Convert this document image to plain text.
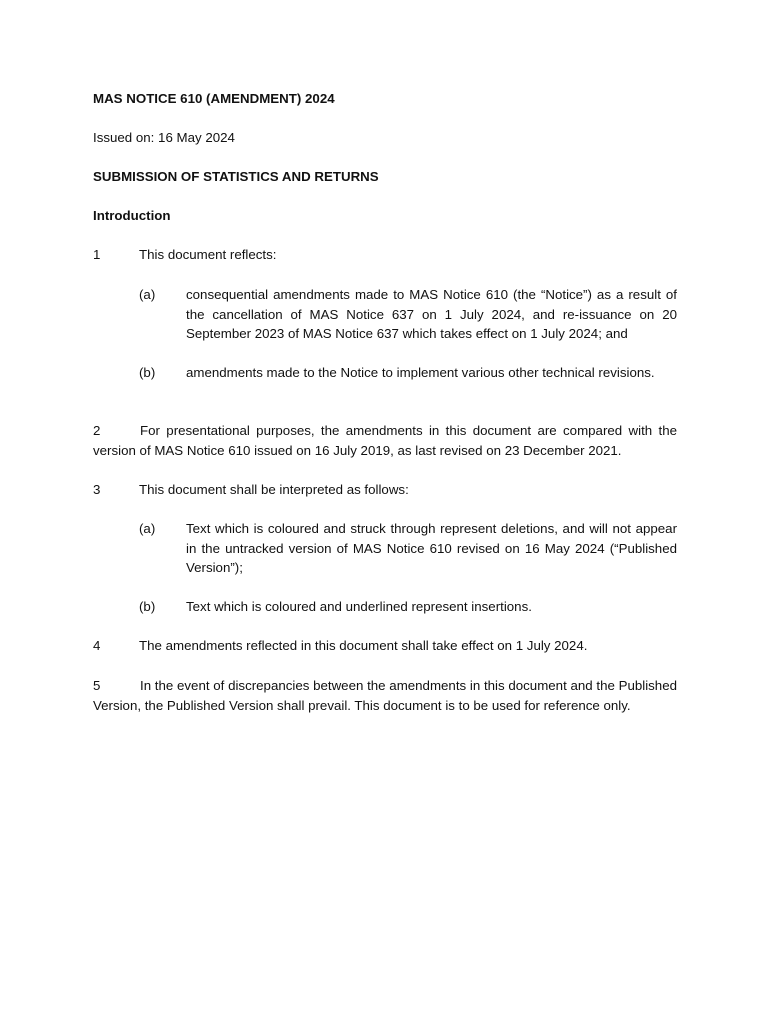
MAS NOTICE 610 (AMENDMENT) 2024
Issued on: 16 May 2024
SUBMISSION OF STATISTICS AND RETURNS
Introduction
1	This document reflects:
(a) consequential amendments made to MAS Notice 610 (the “Notice”) as a result of the cancellation of MAS Notice 637 on 1 July 2024, and re-issuance on 20 September 2023 of MAS Notice 637 which takes effect on 1 July 2024; and
(b) amendments made to the Notice to implement various other technical revisions.
2	For presentational purposes, the amendments in this document are compared with the version of MAS Notice 610 issued on 16 July 2019, as last revised on 23 December 2021.
3	This document shall be interpreted as follows:
(a) Text which is coloured and struck through represent deletions, and will not appear in the untracked version of MAS Notice 610 revised on 16 May 2024 (“Published Version”);
(b) Text which is coloured and underlined represent insertions.
4	The amendments reflected in this document shall take effect on 1 July 2024.
5	In the event of discrepancies between the amendments in this document and the Published Version, the Published Version shall prevail. This document is to be used for reference only.
